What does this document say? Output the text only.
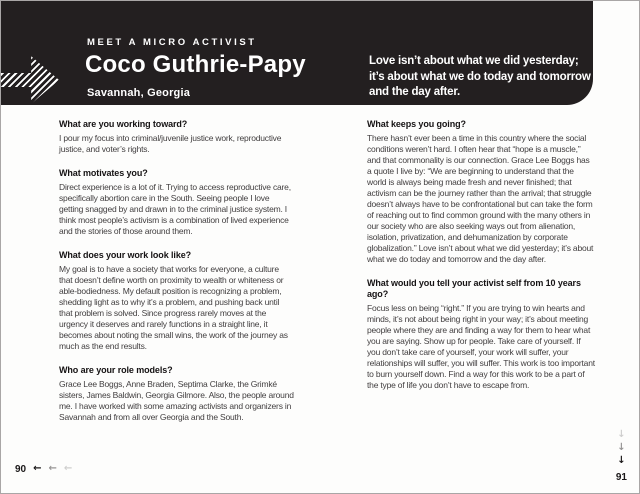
MEET A MICRO ACTIVIST
Coco Guthrie-Papy
Savannah, Georgia
Love isn’t about what we did yesterday; it’s about what we do today and tomorrow and the day after.
What are you working toward?

I pour my focus into criminal/juvenile justice work, reproductive justice, and voter’s rights.

What motivates you?

Direct experience is a lot of it. Trying to access reproductive care, specifically abortion care in the South. Seeing people I love getting snagged by and drawn in to the criminal justice system. I think most people’s activism is a combination of lived experience and the stories of those around them.

What does your work look like?

My goal is to have a society that works for everyone, a culture that doesn’t define worth on proximity to wealth or whiteness or able-bodiedness. My default position is recognizing a problem, shedding light as to why it’s a problem, and pushing back until that problem is solved. Since progress rarely moves at the urgency it deserves and rarely functions in a straight line, it becomes about noting the small wins, the work of the journey as much as the end results.

Who are your role models?

Grace Lee Boggs, Anne Braden, Septima Clarke, the Grimké sisters, James Baldwin, Georgia Gilmore. Also, the people around me. I have worked with some amazing activists and organizers in Savannah and from all over Georgia and the South.

What keeps you going?

There hasn’t ever been a time in this country where the social conditions weren’t hard. I often hear that “hope is a muscle,” and that commonality is our connection. Grace Lee Boggs has a quote I live by: “We are beginning to understand that the world is always being made fresh and never finished; that activism can be the journey rather than the arrival; that struggle doesn’t always have to be confrontational but can take the form of reaching out to find common ground with the many others in our society who are also seeking ways out from alienation, isolation, privatization, and dehumanization by corporate globalization.” Love isn’t about what we did yesterday; it’s about what we do today and tomorrow and the day after.

What would you tell your activist self from 10 years ago?

Focus less on being “right.” If you are trying to win hearts and minds, it’s not about being right in your way; it’s about meeting people where they are and finding a way for them to hear what you are saying. Show up for people. Take care of yourself. If you don’t take care of yourself, your work will suffer, your relationships will suffer, you will suffer. This work is too important to burn yourself down. Find a way for this work to be a part of the type of life you don’t have to escape from.

90 ← ← ←
↓
↓
↓
91
